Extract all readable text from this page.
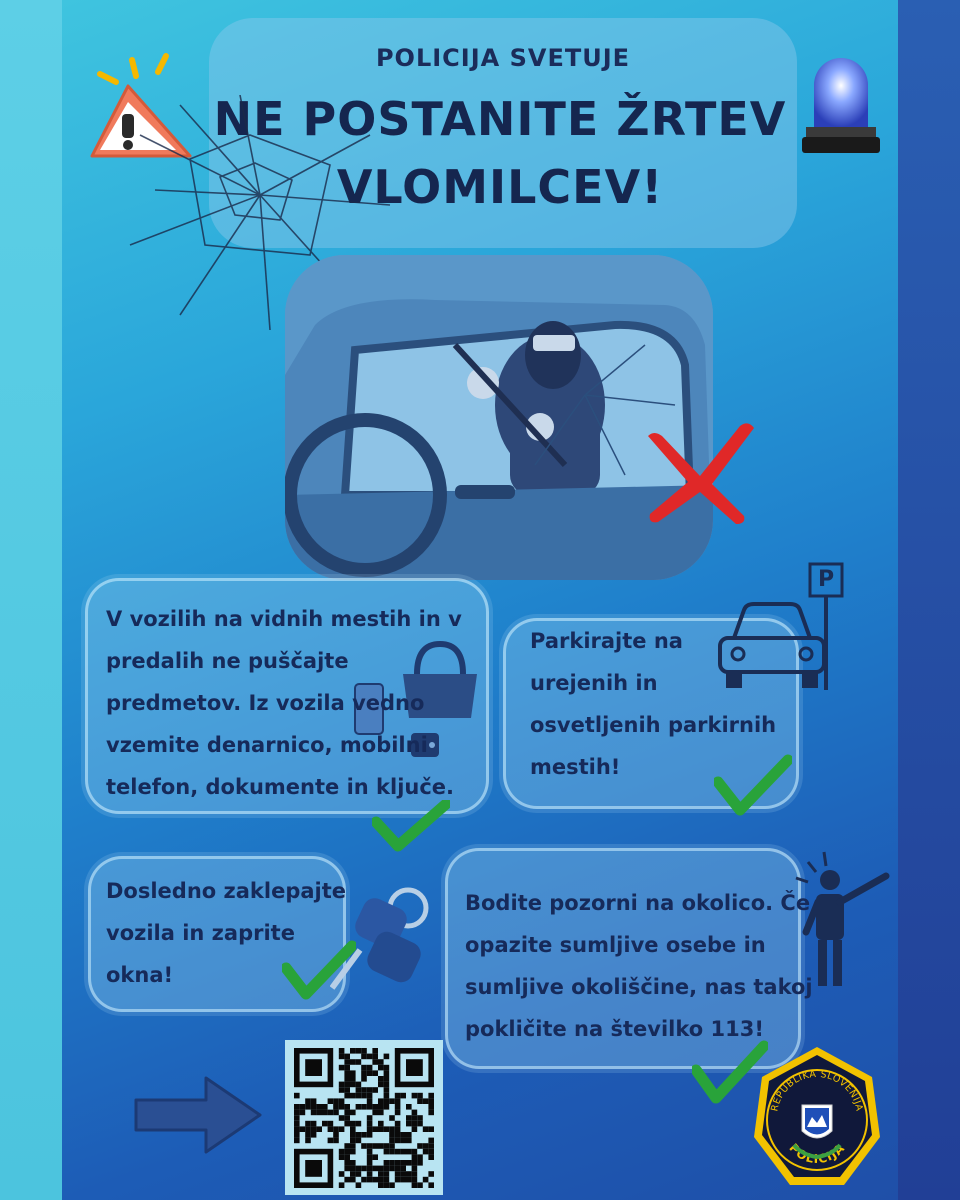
POLICIJA SVETUJE
NE POSTANITE ŽRTEV
VLOMILCEV!

V vozilih na vidnih mestih in v

predalih ne puščajte

predmetov. Iz vozila vedno

vzemite denarnico, mobilni

telefon, dokumente in ključe.

P

Parkirajte na

urejenih in

osvetljenih parkirnih

mestih!

Dosledno zaklepajte

vozila in zaprite

okna!

Bodite pozorni na okolico. Če

opazite sumljive osebe in

sumljive okoliščine, nas takoj

pokličite na številko 113!

REPUBLIKA SLOVENIJA
POLICIJA
